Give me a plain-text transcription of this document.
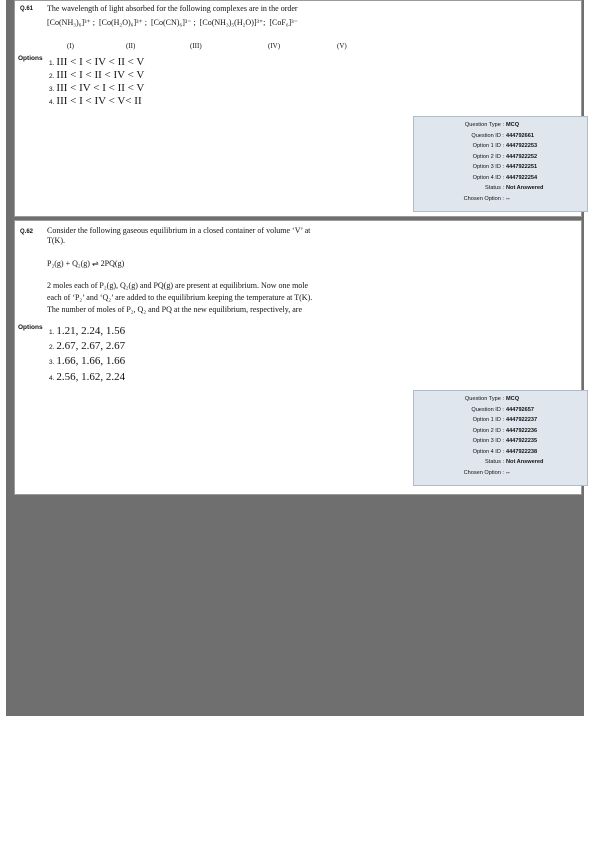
Q.61 The wavelength of light absorbed for the following complexes are in the order
[Co(NH₃)₆]³⁺ ; [Co(H₂O)₆]³⁺ ; [Co(CN)₆]³⁻ ; [Co(NH₃)₅(H₂O)]³⁺; [CoF₆]³⁻
(I)	(II)	(III)	(IV)	(V)
Options
1. III < I < IV < II < V
2. III < I < II < IV < V
3. III < IV < I < II < V
4. III < I < IV < V< II
Question Type : MCQ
Question ID : 444792661
Option 1 ID : 4447922253
Option 2 ID : 4447922252
Option 3 ID : 4447922251
Option 4 ID : 4447922254
Status : Not Answered
Chosen Option : --
Q.62 Consider the following gaseous equilibrium in a closed container of volume ‘V’ at
T(K).
P₂(g) + Q₂(g) ⇌ 2PQ(g)
2 moles each of P₂(g), Q₂(g) and PQ(g) are present at equilibrium. Now one mole
each of ‘P₂’ and ‘Q₂’ are added to the equilibrium keeping the temperature at T(K).
The number of moles of P₂, Q₂ and PQ at the new equilibrium, respectively, are
Options
1. 1.21, 2.24, 1.56
2. 2.67, 2.67, 2.67
3. 1.66, 1.66, 1.66
4. 2.56, 1.62, 2.24
Question Type : MCQ
Question ID : 444792657
Option 1 ID : 4447922237
Option 2 ID : 4447922236
Option 3 ID : 4447922235
Option 4 ID : 4447922238
Status : Not Answered
Chosen Option : --
